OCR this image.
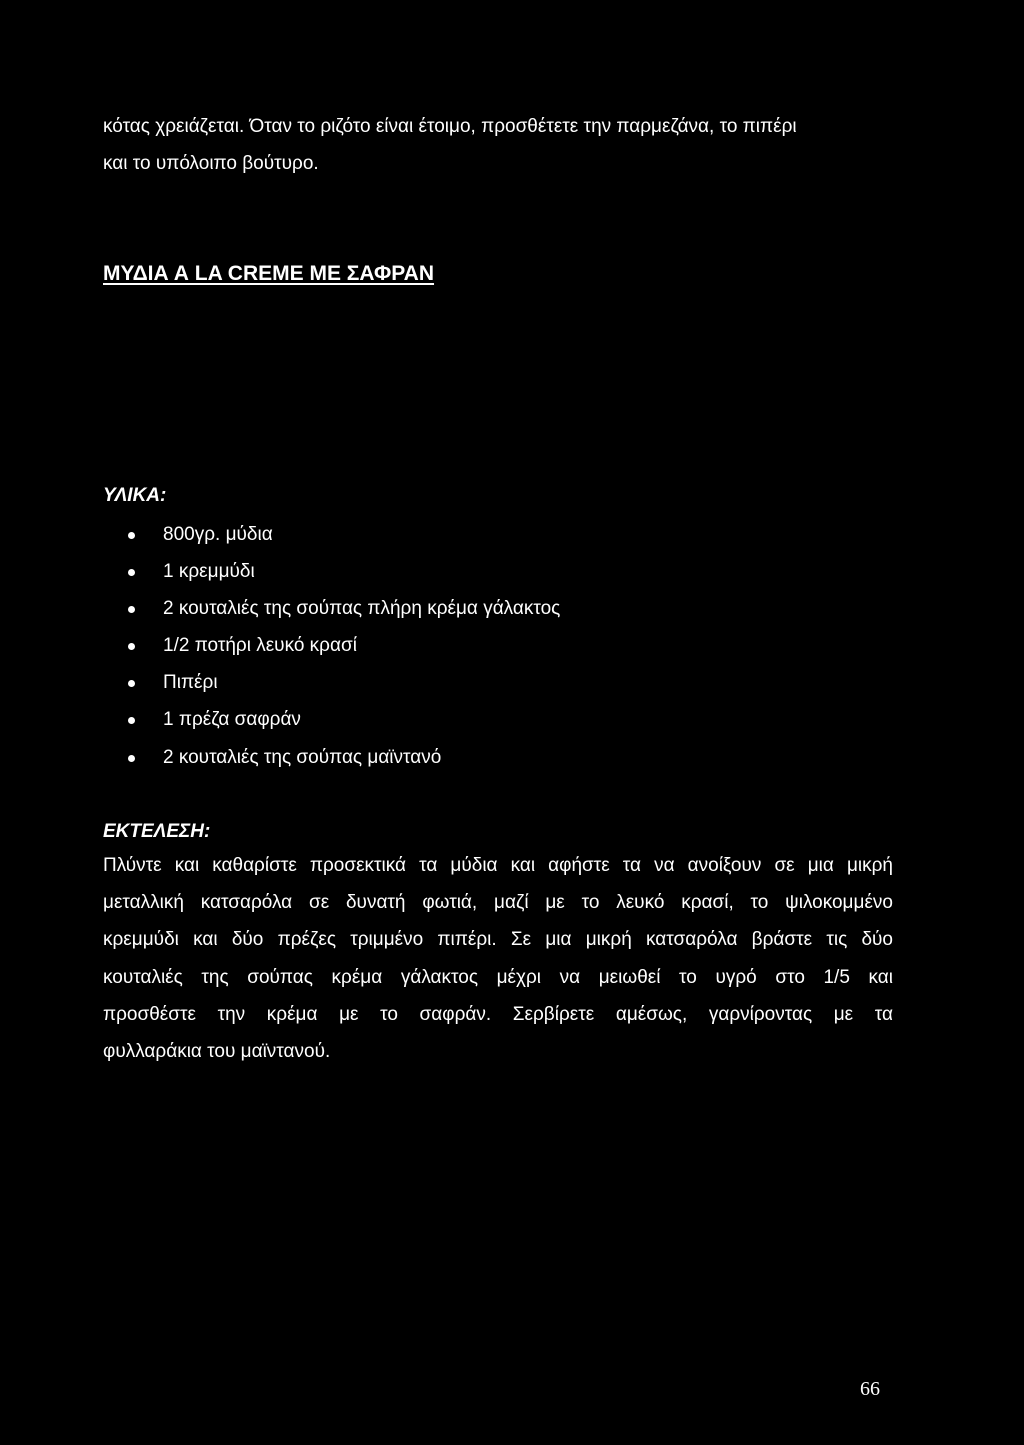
κότας χρειάζεται. Όταν το ριζότο είναι έτοιμο, προσθέτετε την παρμεζάνα, το πιπέρι
και το υπόλοιπο βούτυρο.
ΜΥΔΙΑ Α LA CREME ΜΕ ΣΑΦΡΑΝ
ΥΛΙΚΑ:
800γρ. μύδια
1 κρεμμύδι
2 κουταλιές της σούπας πλήρη κρέμα γάλακτος
1/2 ποτήρι λευκό κρασί
Πιπέρι
1 πρέζα σαφράν
2 κουταλιές της σούπας μαϊντανό
ΕΚΤΕΛΕΣΗ:
Πλύντε και καθαρίστε προσεκτικά τα μύδια και αφήστε τα να ανοίξουν σε μια μικρή
μεταλλική κατσαρόλα σε δυνατή φωτιά, μαζί με το λευκό κρασί, το ψιλοκομμένο
κρεμμύδι και δύο πρέζες τριμμένο πιπέρι. Σε μια μικρή κατσαρόλα βράστε τις δύο
κουταλιές της σούπας κρέμα γάλακτος μέχρι να μειωθεί το υγρό στο 1/5 και
προσθέστε την κρέμα με το σαφράν. Σερβίρετε αμέσως, γαρνίροντας με τα
φυλλαράκια του μαϊντανού.
66
